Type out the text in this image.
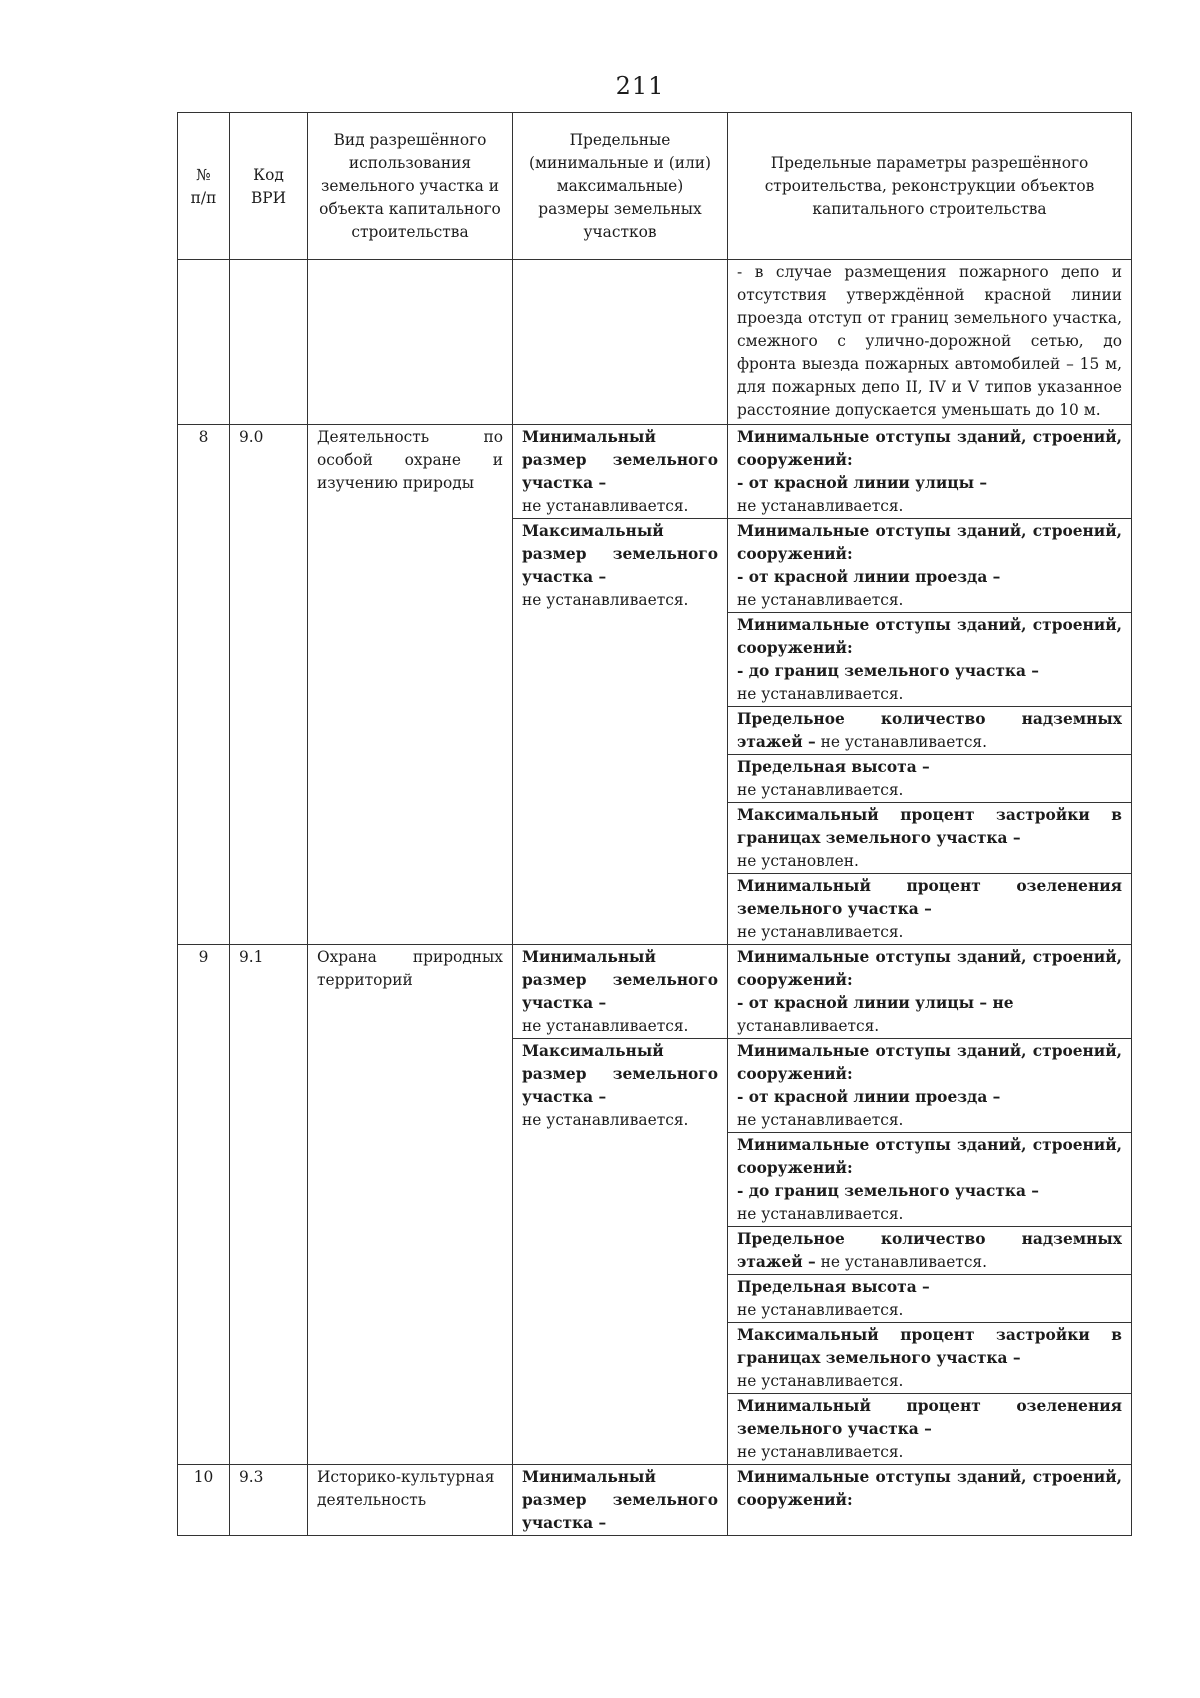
211
№ п/п	Код ВРИ	Вид разрешённого использования земельного участка и объекта капитального строительства	Предельные (минимальные и (или) максимальные) размеры земельных участков	Предельные параметры разрешённого строительства, реконструкции объектов капитального строительства
				- в случае размещения пожарного депо и отсутствия утверждённой красной линии проезда отступ от границ земельного участка, смежного с улично-дорожной сетью, до фронта выезда пожарных автомобилей – 15 м, для пожарных депо II, IV и V типов указанное расстояние допускается уменьшать до 10 м.
8	9.0	Деятельность по особой охране и изучению природы	Минимальный размер земельного участка –
не устанавливается.	Минимальные отступы зданий, строений, сооружений:
- от красной линии улицы –
не устанавливается.
			Максимальный размер земельного участка –
не устанавливается.	Минимальные отступы зданий, строений, сооружений:
- от красной линии проезда –
не устанавливается.
				Минимальные отступы зданий, строений, сооружений:
- до границ земельного участка –
не устанавливается.
				Предельное количество надземных этажей – не устанавливается.
				Предельная высота –
не устанавливается.
				Максимальный процент застройки в границах земельного участка –
не установлен.
				Минимальный процент озеленения земельного участка –
не устанавливается.
9	9.1	Охрана природных территорий	Минимальный размер земельного участка –
не устанавливается.	Минимальные отступы зданий, строений, сооружений:
- от красной линии улицы – не
устанавливается.
			Максимальный размер земельного участка –
не устанавливается.	Минимальные отступы зданий, строений, сооружений:
- от красной линии проезда –
не устанавливается.
				Минимальные отступы зданий, строений, сооружений:
- до границ земельного участка –
не устанавливается.
				Предельное количество надземных этажей – не устанавливается.
				Предельная высота –
не устанавливается.
				Максимальный процент застройки в границах земельного участка –
не устанавливается.
				Минимальный процент озеленения земельного участка –
не устанавливается.
10	9.3	Историко-культурная деятельность	Минимальный размер земельного участка –	Минимальные отступы зданий, строений, сооружений:
